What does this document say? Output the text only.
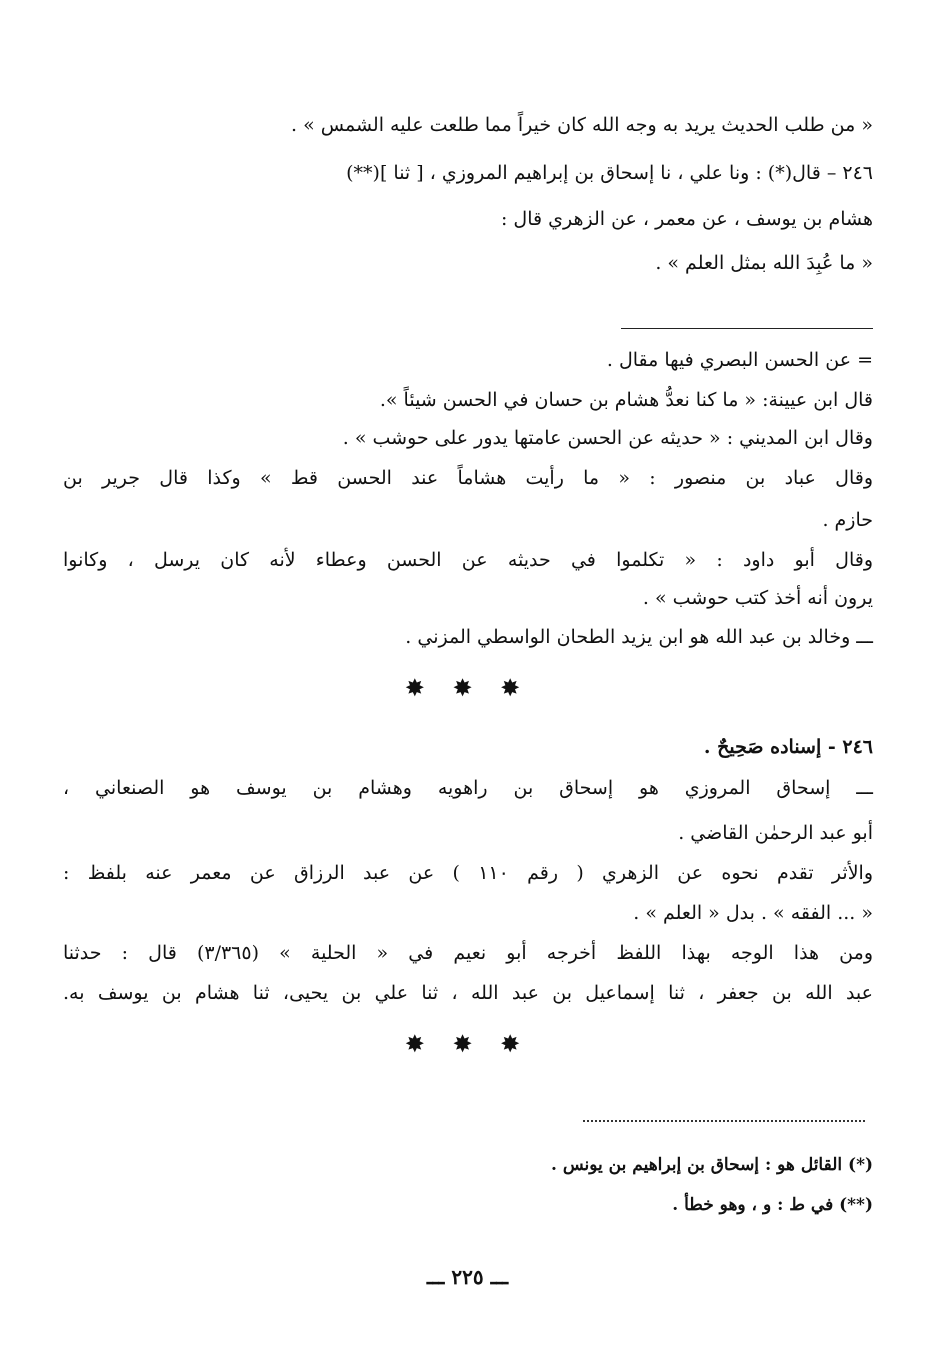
« من طلب الحديث يريد به وجه الله كان خيراً مما طلعت عليه الشمس » .
٢٤٦ – قال(*) : ونا علي ، نا إسحاق بن إبراهيم المروزي ، [ ثنا ](**)
هشام بن يوسف ، عن معمر ، عن الزهري قال :
« ما عُبِدَ الله بمثل العلم » .
= عن الحسن البصري فيها مقال .
قال ابن عيينة: « ما كنا نعدُّ هشام بن حسان في الحسن شيئاً ».
وقال ابن المديني : « حديثه عن الحسن عامتها يدور على حوشب » .
وقال عباد بن منصور : « ما رأيت هشاماً عند الحسن قط » وكذا قال جرير بن
حازم .
وقال أبو داود : « تكلموا في حديثه عن الحسن وعطاء لأنه كان يرسل ، وكانوا
يرون أنه أخذ كتب حوشب » .
ـــ وخالد بن عبد الله هو ابن يزيد الطحان الواسطي المزني .
✸ ✸ ✸
٢٤٦ - إسناده صَحِيحٌ .
ـــ إسحاق المروزي هو إسحاق بن راهويه وهشام بن يوسف هو الصنعاني ،
أبو عبد الرحمٰن القاضي .
والأثر تقدم نحوه عن الزهري ( رقم ١١٠ ) عن عبد الرزاق عن معمر عنه بلفظ :
« ... الفقه » . بدل « العلم » .
ومن هذا الوجه بهذا اللفظ أخرجه أبو نعيم في « الحلية » (٣/٣٦٥) قال : حدثنا
عبد الله بن جعفر ، ثنا إسماعيل بن عبد الله ، ثنا علي بن يحيى، ثنا هشام بن يوسف به.
✸ ✸ ✸
(*) القائل هو : إسحاق بن إبراهيم بن يونس .
(**) في ط : و ، وهو خطأ .
ـــ ٢٢٥ ـــ
